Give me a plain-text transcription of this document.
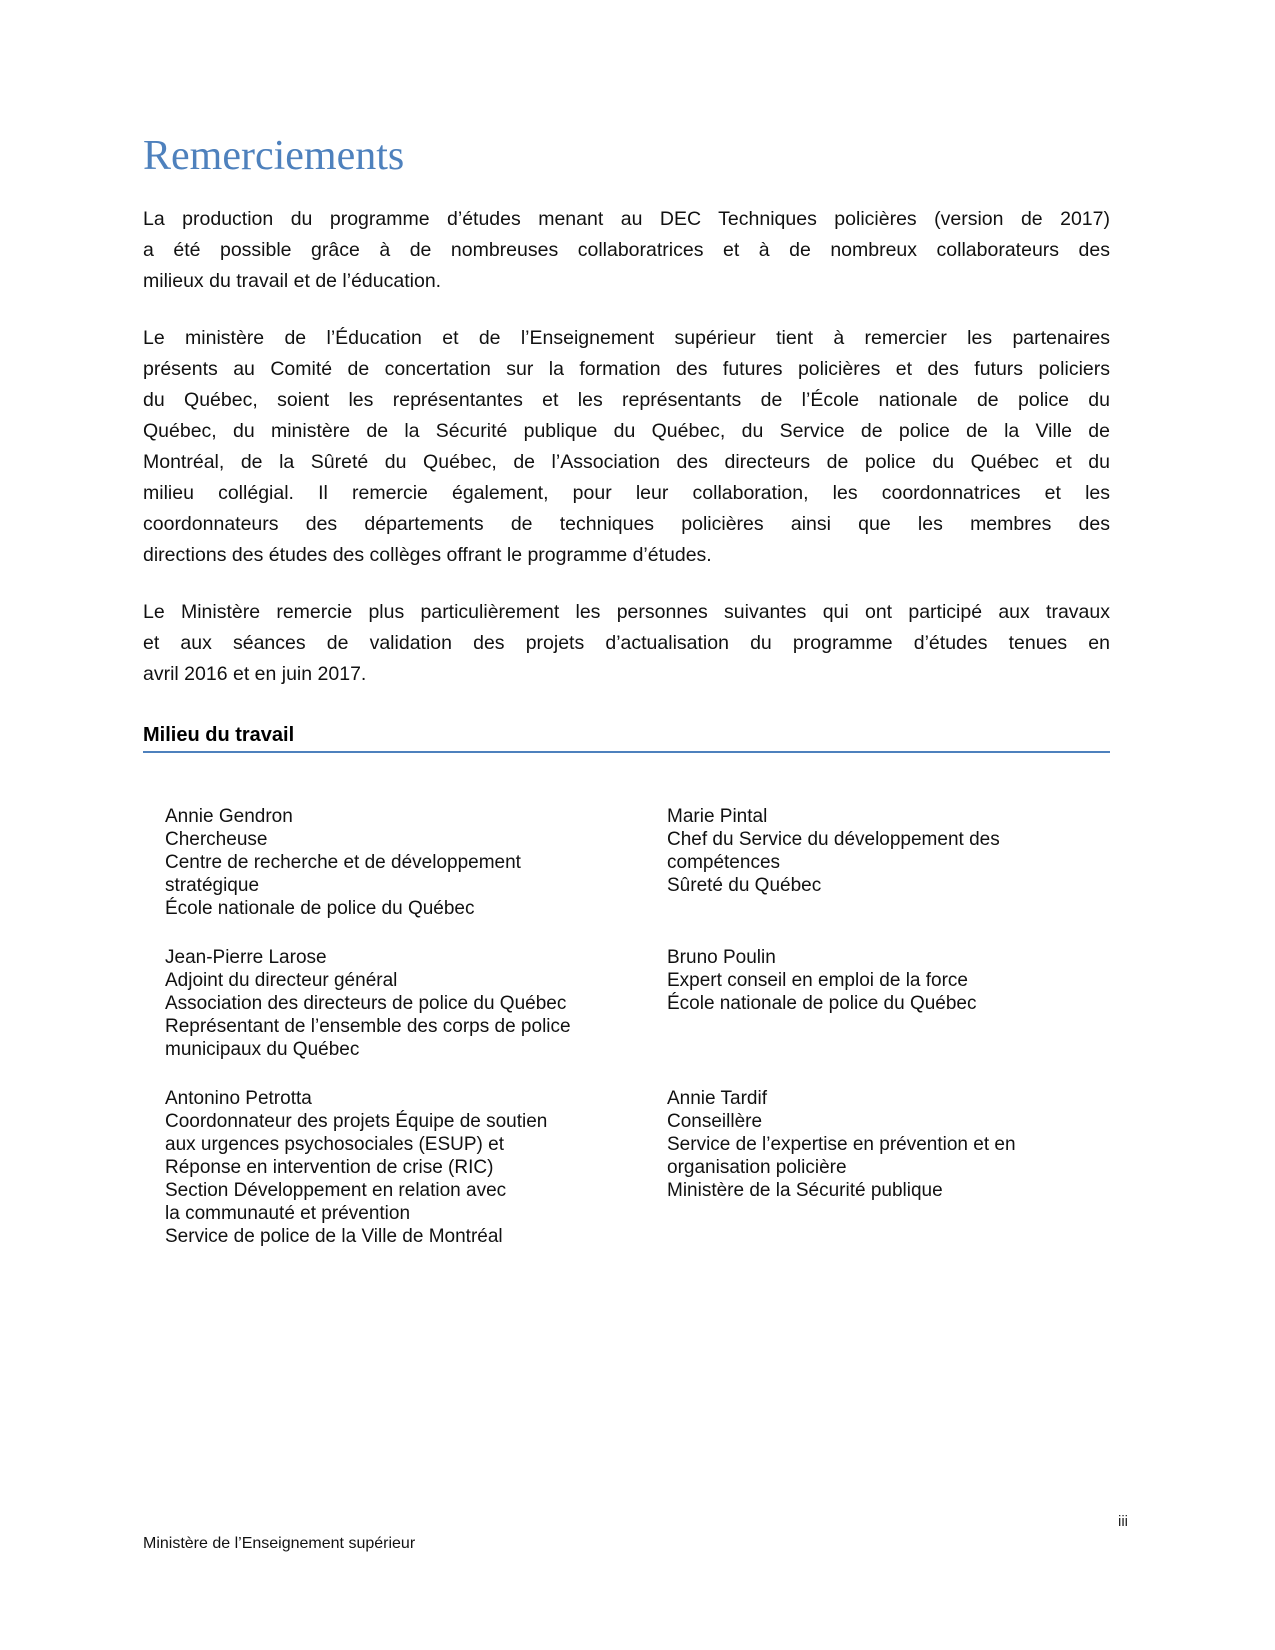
Remerciements
La production du programme d’études menant au DEC Techniques policières (version de 2017)
a été possible grâce à de nombreuses collaboratrices et à de nombreux collaborateurs des
milieux du travail et de l’éducation.
Le ministère de l’Éducation et de l’Enseignement supérieur tient à remercier les partenaires
présents au Comité de concertation sur la formation des futures policières et des futurs policiers
du Québec, soient les représentantes et les représentants de l’École nationale de police du
Québec, du ministère de la Sécurité publique du Québec, du Service de police de la Ville de
Montréal, de la Sûreté du Québec, de l’Association des directeurs de police du Québec et du
milieu collégial. Il remercie également, pour leur collaboration, les coordonnatrices et les
coordonnateurs des départements de techniques policières ainsi que les membres des
directions des études des collèges offrant le programme d’études.
Le Ministère remercie plus particulièrement les personnes suivantes qui ont participé aux travaux
et aux séances de validation des projets d’actualisation du programme d’études tenues en
avril 2016 et en juin 2017.
Milieu du travail
Annie Gendron
Chercheuse
Centre de recherche et de développement
stratégique
École nationale de police du Québec
Marie Pintal
Chef du Service du développement des
compétences
Sûreté du Québec
Jean-Pierre Larose
Adjoint du directeur général
Association des directeurs de police du Québec
Représentant de l’ensemble des corps de police
municipaux du Québec
Bruno Poulin
Expert conseil en emploi de la force
École nationale de police du Québec
Antonino Petrotta
Coordonnateur des projets Équipe de soutien
aux urgences psychosociales (ESUP) et
Réponse en intervention de crise (RIC)
Section Développement en relation avec
la communauté et prévention
Service de police de la Ville de Montréal
Annie Tardif
Conseillère
Service de l’expertise en prévention et en
organisation policière
Ministère de la Sécurité publique
iii
Ministère de l’Enseignement supérieur
